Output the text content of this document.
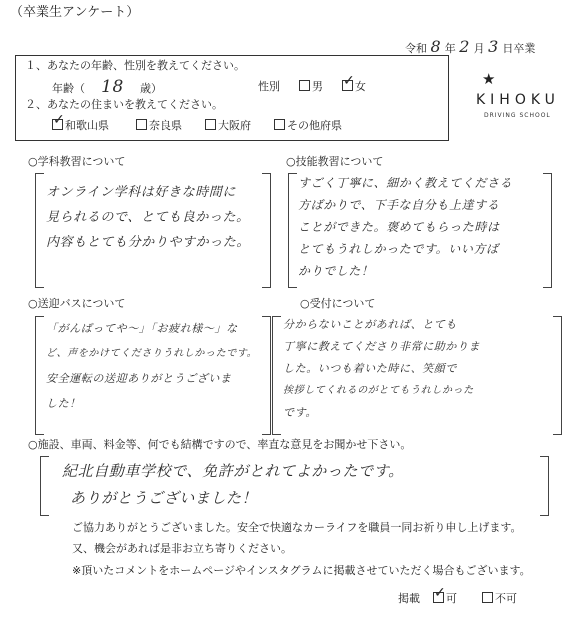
（卒業生アンケート）
令和 8 年 2 月 3 日卒業
★
KIHOKU
DRIVING SCHOOL
１、あなたの年齢、性別を教えてください。
年齢（ 18 歳）	性別	男 ✓	女
２、あなたの住まいを教えてください。
✓和歌山県	奈良県	大阪府	その他府県
○学科教習について
オンライン学科は好きな時間に
見られるので、とても良かった。
内容もとても分かりやすかった。
○技能教習について
すごく丁寧に、細かく教えてくださる
方ばかりで、下手な自分も上達する
ことができた。褒めてもらった時は
とてもうれしかったです。いい方ば
かりでした！
○送迎バスについて
「がんばってや～」「お疲れ様～」な
ど、声をかけてくださりうれしかったです。
安全運転の送迎ありがとうございま
した！
○受付について
分からないことがあれば、とても
丁寧に教えてくださり非常に助かりま
した。いつも着いた時に、笑顔で
挨拶してくれるのがとてもうれしかった
です。
○施設、車両、料金等、何でも結構ですので、率直な意見をお聞かせ下さい。
紀北自動車学校で、免許がとれてよかったです。
ありがとうございました！
ご協力ありがとうございました。安全で快適なカーライフを職員一同お祈り申し上げます。
又、機会があれば是非お立ち寄りください。
※頂いたコメントをホームページやインスタグラムに掲載させていただく場合もございます。
掲載 ✓ 可	不可
